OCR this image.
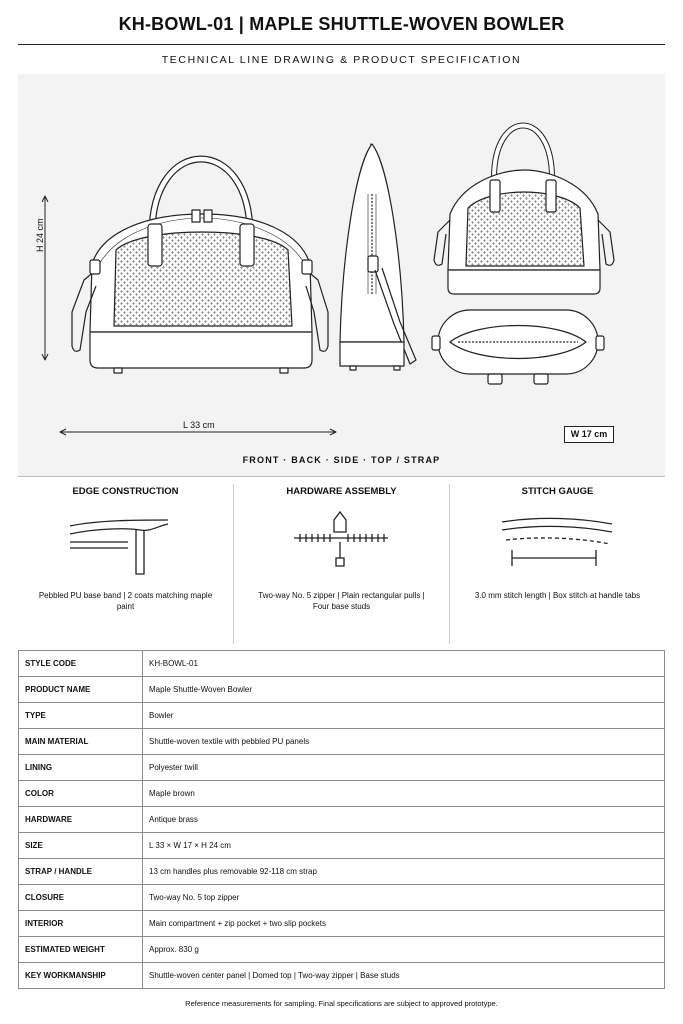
KH-BOWL-01 | MAPLE SHUTTLE-WOVEN BOWLER
TECHNICAL LINE DRAWING & PRODUCT SPECIFICATION
H 24 cm
L 33 cm
W 17 cm
FRONT · BACK · SIDE · TOP / STRAP
EDGE CONSTRUCTION

Pebbled PU base band | 2 coats matching maple paint

HARDWARE ASSEMBLY

Two-way No. 5 zipper | Plain rectangular pulls | Four base studs

STITCH GAUGE

3.0 mm stitch length | Box stitch at handle tabs

STYLE CODE	KH-BOWL-01
PRODUCT NAME	Maple Shuttle-Woven Bowler
TYPE	Bowler
MAIN MATERIAL	Shuttle-woven textile with pebbled PU panels
LINING	Polyester twill
COLOR	Maple brown
HARDWARE	Antique brass
SIZE	L 33 × W 17 × H 24 cm
STRAP / HANDLE	13 cm handles plus removable 92-118 cm strap
CLOSURE	Two-way No. 5 top zipper
INTERIOR	Main compartment + zip pocket + two slip pockets
ESTIMATED WEIGHT	Approx. 830 g
KEY WORKMANSHIP	Shuttle-woven center panel | Domed top | Two-way zipper | Base studs
Reference measurements for sampling. Final specifications are subject to approved prototype.
